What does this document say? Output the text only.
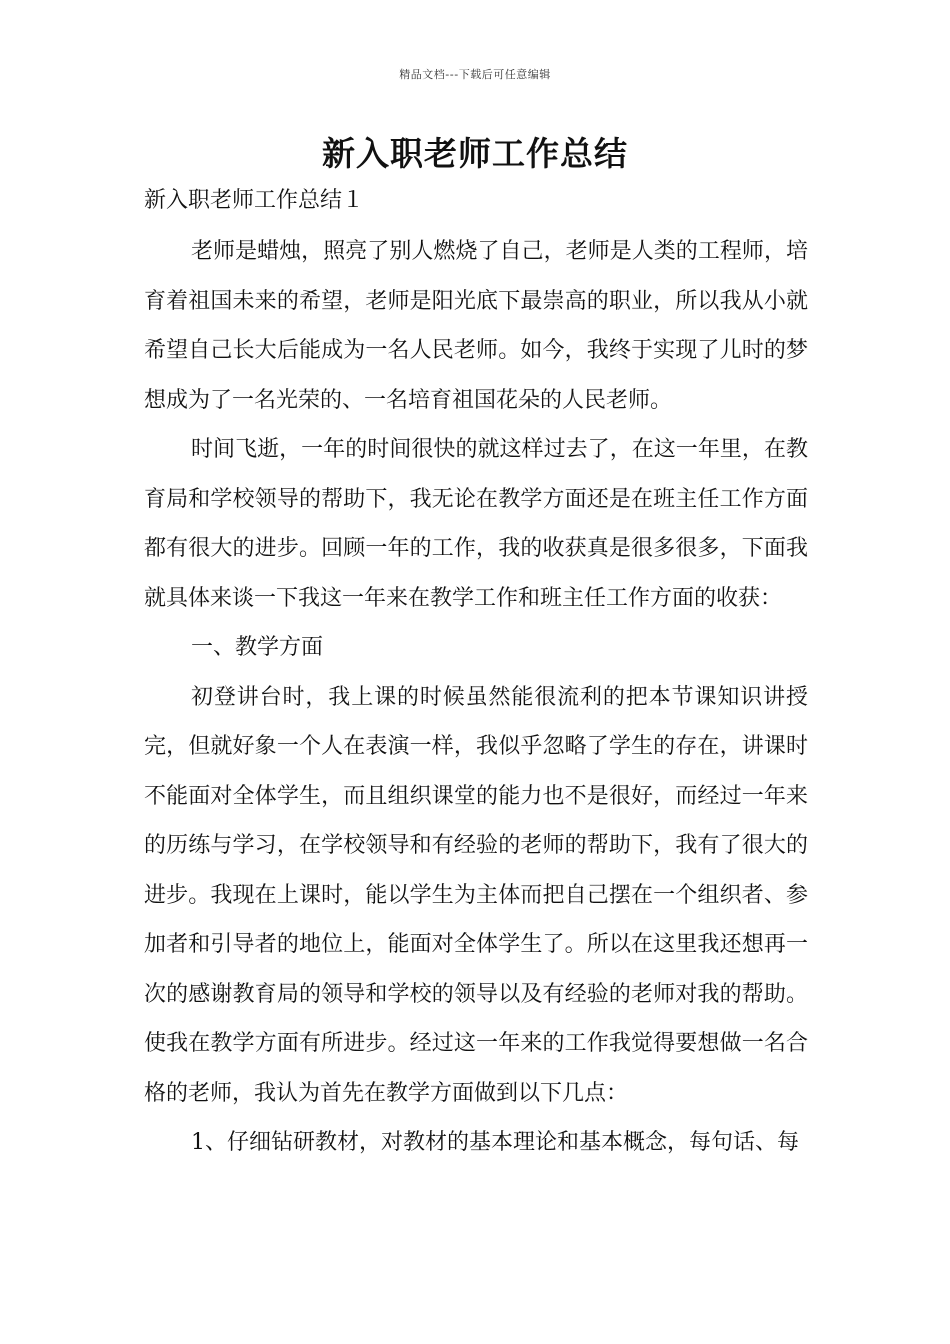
精品文档---下载后可任意编辑
新入职老师工作总结

新入职老师工作总结１

老师是蜡烛，照亮了别人燃烧了自己，老师是人类的工程师，培育着祖国未来的希望，老师是阳光底下最崇高的职业，所以我从小就希望自己长大后能成为一名人民老师。如今，我终于实现了儿时的梦想成为了一名光荣的、一名培育祖国花朵的人民老师。

时间飞逝，一年的时间很快的就这样过去了，在这一年里，在教育局和学校领导的帮助下，我无论在教学方面还是在班主任工作方面都有很大的进步。回顾一年的工作，我的收获真是很多很多，下面我就具体来谈一下我这一年来在教学工作和班主任工作方面的收获：

一、教学方面

初登讲台时，我上课的时候虽然能很流利的把本节课知识讲授完，但就好象一个人在表演一样，我似乎忽略了学生的存在，讲课时不能面对全体学生，而且组织课堂的能力也不是很好，而经过一年来的历练与学习，在学校领导和有经验的老师的帮助下，我有了很大的进步。我现在上课时，能以学生为主体而把自己摆在一个组织者、参加者和引导者的地位上，能面对全体学生了。所以在这里我还想再一次的感谢教育局的领导和学校的领导以及有经验的老师对我的帮助。使我在教学方面有所进步。经过这一年来的工作我觉得要想做一名合格的老师，我认为首先在教学方面做到以下几点：

1、仔细钻研教材，对教材的基本理论和基本概念，每句话、每
